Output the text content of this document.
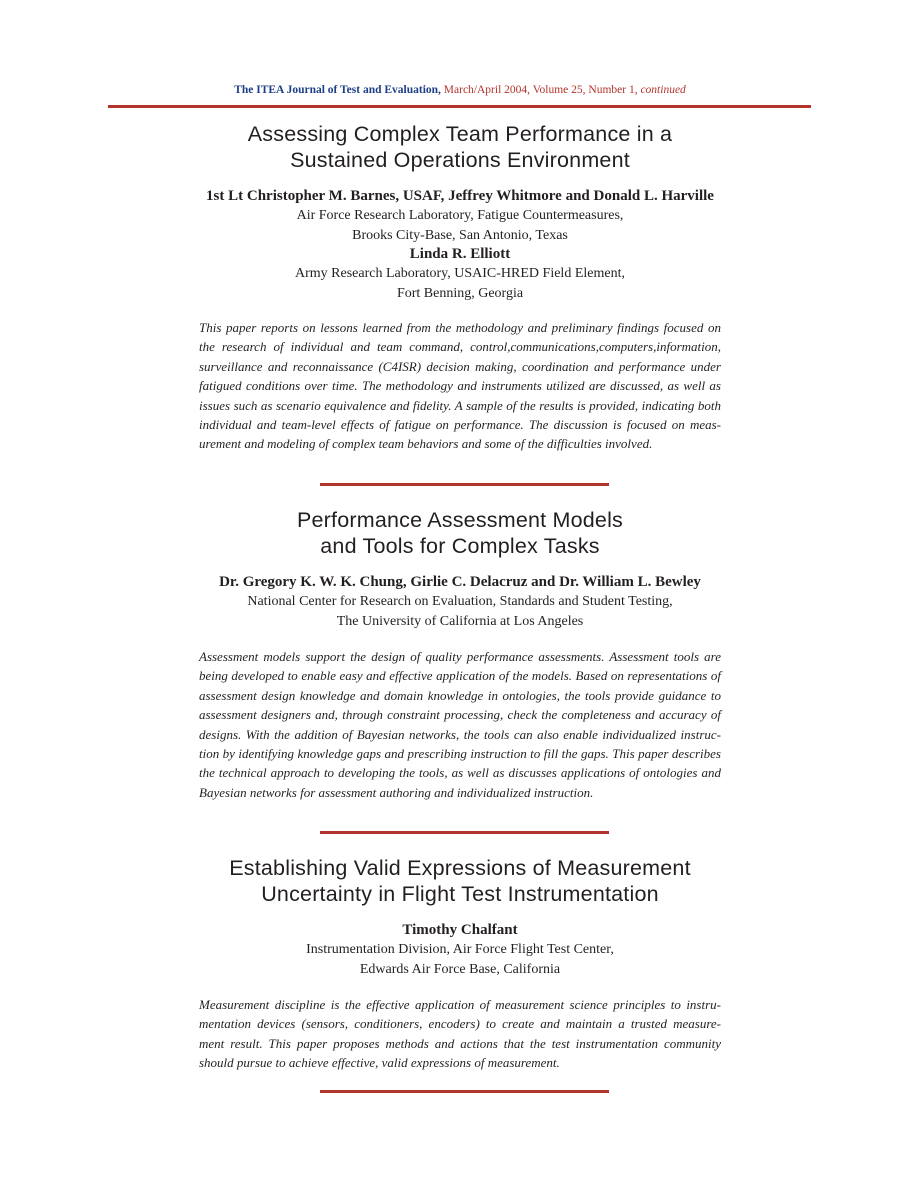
The ITEA Journal of Test and Evaluation, March/April 2004, Volume 25, Number 1, continued
Assessing Complex Team Performance in a
Sustained Operations Environment
1st Lt Christopher M. Barnes, USAF, Jeffrey Whitmore and Donald L. Harville
Air Force Research Laboratory, Fatigue Countermeasures,
Brooks City-Base, San Antonio, Texas
Linda R. Elliott
Army Research Laboratory, USAIC-HRED Field Element,
Fort Benning, Georgia
This paper reports on lessons learned from the methodology and preliminary findings focused on
the research of individual and team command, control,communications,computers,information,
surveillance and reconnaissance (C4ISR) decision making, coordination and performance under
fatigued conditions over time. The methodology and instruments utilized are discussed, as well as
issues such as scenario equivalence and fidelity. A sample of the results is provided, indicating both
individual and team-level effects of fatigue on performance. The discussion is focused on meas-
urement and modeling of complex team behaviors and some of the difficulties involved.
Performance Assessment Models
and Tools for Complex Tasks
Dr. Gregory K. W. K. Chung, Girlie C. Delacruz and Dr. William L. Bewley
National Center for Research on Evaluation, Standards and Student Testing,
The University of California at Los Angeles
Assessment models support the design of quality performance assessments. Assessment tools are
being developed to enable easy and effective application of the models. Based on representations of
assessment design knowledge and domain knowledge in ontologies, the tools provide guidance to
assessment designers and, through constraint processing, check the completeness and accuracy of
designs. With the addition of Bayesian networks, the tools can also enable individualized instruc-
tion by identifying knowledge gaps and prescribing instruction to fill the gaps. This paper describes
the technical approach to developing the tools, as well as discusses applications of ontologies and
Bayesian networks for assessment authoring and individualized instruction.
Establishing Valid Expressions of Measurement
Uncertainty in Flight Test Instrumentation
Timothy Chalfant
Instrumentation Division, Air Force Flight Test Center,
Edwards Air Force Base, California
Measurement discipline is the effective application of measurement science principles to instru-
mentation devices (sensors, conditioners, encoders) to create and maintain a trusted measure-
ment result. This paper proposes methods and actions that the test instrumentation community
should pursue to achieve effective, valid expressions of measurement.
